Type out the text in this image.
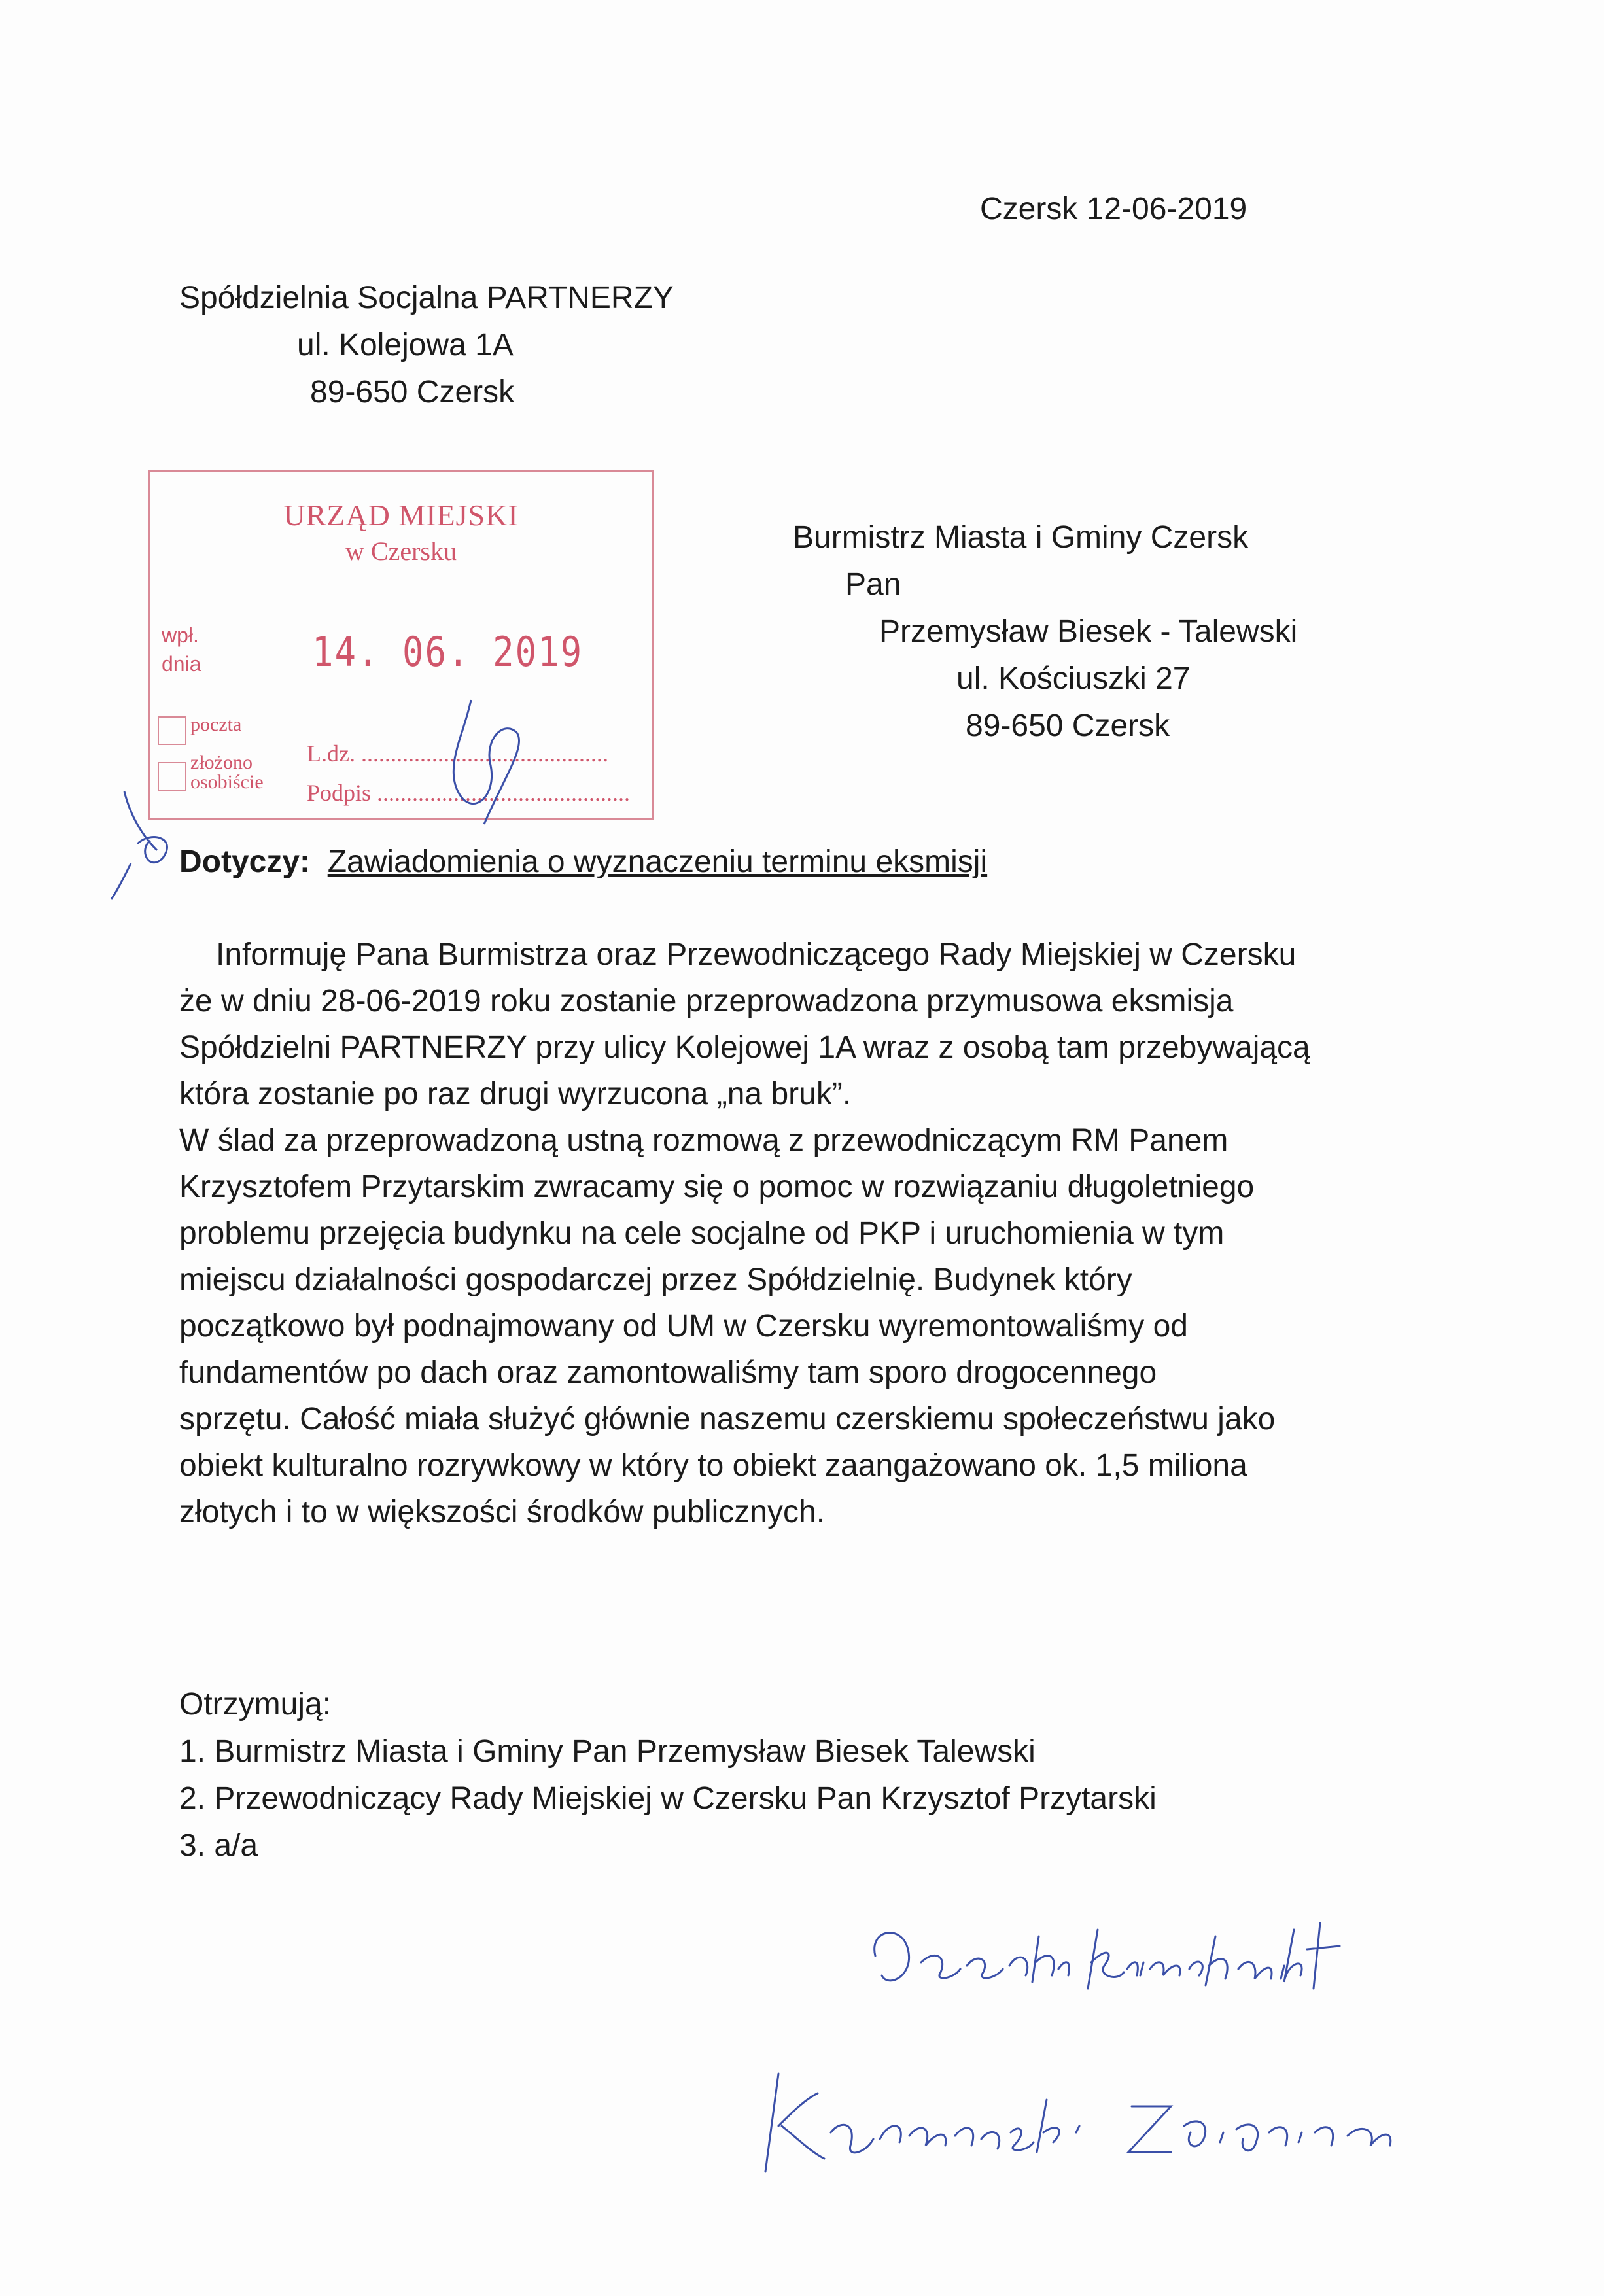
Czersk 12-06-2019
Spółdzielnia Socjalna PARTNERZY
ul. Kolejowa 1A
89-650 Czersk
URZĄD MIEJSKI
w Czersku
wpł.
dnia	14. 06. 2019
poczta
złożono
osobiście
L.dz. ..........................................
Podpis ...........................................
Burmistrz Miasta i Gminy Czersk
Pan
Przemysław Biesek - Talewski
ul. Kościuszki 27
89-650 Czersk
Dotyczy: Zawiadomienia o wyznaczeniu terminu eksmisji
Informuję Pana Burmistrza oraz Przewodniczącego Rady Miejskiej w Czersku
że w dniu 28-06-2019 roku zostanie przeprowadzona przymusowa eksmisja
Spółdzielni PARTNERZY przy ulicy Kolejowej 1A wraz z osobą tam przebywającą
która zostanie po raz drugi wyrzucona „na bruk”.
W ślad za przeprowadzoną ustną rozmową z przewodniczącym RM Panem
Krzysztofem Przytarskim zwracamy się o pomoc w rozwiązaniu długoletniego
problemu przejęcia budynku na cele socjalne od PKP i uruchomienia w tym
miejscu działalności gospodarczej przez Spółdzielnię. Budynek który
początkowo był podnajmowany od UM w Czersku wyremontowaliśmy od
fundamentów po dach oraz zamontowaliśmy tam sporo drogocennego
sprzętu. Całość miała służyć głównie naszemu czerskiemu społeczeństwu jako
obiekt kulturalno rozrywkowy w który to obiekt zaangażowano ok. 1,5 miliona
złotych i to w większości środków publicznych.
Otrzymują:
1. Burmistrz Miasta i Gminy Pan Przemysław Biesek Talewski
2. Przewodniczący Rady Miejskiej w Czersku Pan Krzysztof Przytarski
3. a/a
